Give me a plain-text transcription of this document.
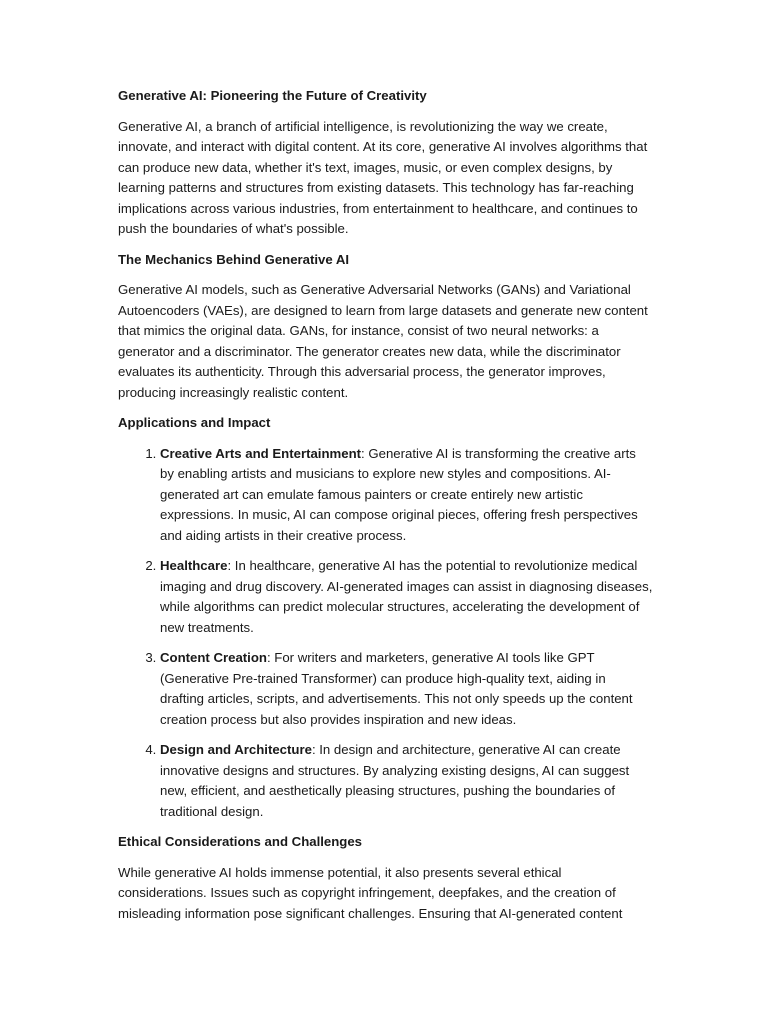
Generative AI: Pioneering the Future of Creativity

Generative AI, a branch of artificial intelligence, is revolutionizing the way we create, innovate, and interact with digital content. At its core, generative AI involves algorithms that can produce new data, whether it's text, images, music, or even complex designs, by learning patterns and structures from existing datasets. This technology has far-reaching implications across various industries, from entertainment to healthcare, and continues to push the boundaries of what's possible.

The Mechanics Behind Generative AI

Generative AI models, such as Generative Adversarial Networks (GANs) and Variational Autoencoders (VAEs), are designed to learn from large datasets and generate new content that mimics the original data. GANs, for instance, consist of two neural networks: a generator and a discriminator. The generator creates new data, while the discriminator evaluates its authenticity. Through this adversarial process, the generator improves, producing increasingly realistic content.

Applications and Impact
1. Creative Arts and Entertainment: Generative AI is transforming the creative arts by enabling artists and musicians to explore new styles and compositions. AI-generated art can emulate famous painters or create entirely new artistic expressions. In music, AI can compose original pieces, offering fresh perspectives and aiding artists in their creative process.
2. Healthcare: In healthcare, generative AI has the potential to revolutionize medical imaging and drug discovery. AI-generated images can assist in diagnosing diseases, while algorithms can predict molecular structures, accelerating the development of new treatments.
3. Content Creation: For writers and marketers, generative AI tools like GPT (Generative Pre-trained Transformer) can produce high-quality text, aiding in drafting articles, scripts, and advertisements. This not only speeds up the content creation process but also provides inspiration and new ideas.
4. Design and Architecture: In design and architecture, generative AI can create innovative designs and structures. By analyzing existing designs, AI can suggest new, efficient, and aesthetically pleasing structures, pushing the boundaries of traditional design.
Ethical Considerations and Challenges

While generative AI holds immense potential, it also presents several ethical considerations. Issues such as copyright infringement, deepfakes, and the creation of misleading information pose significant challenges. Ensuring that AI-generated content
